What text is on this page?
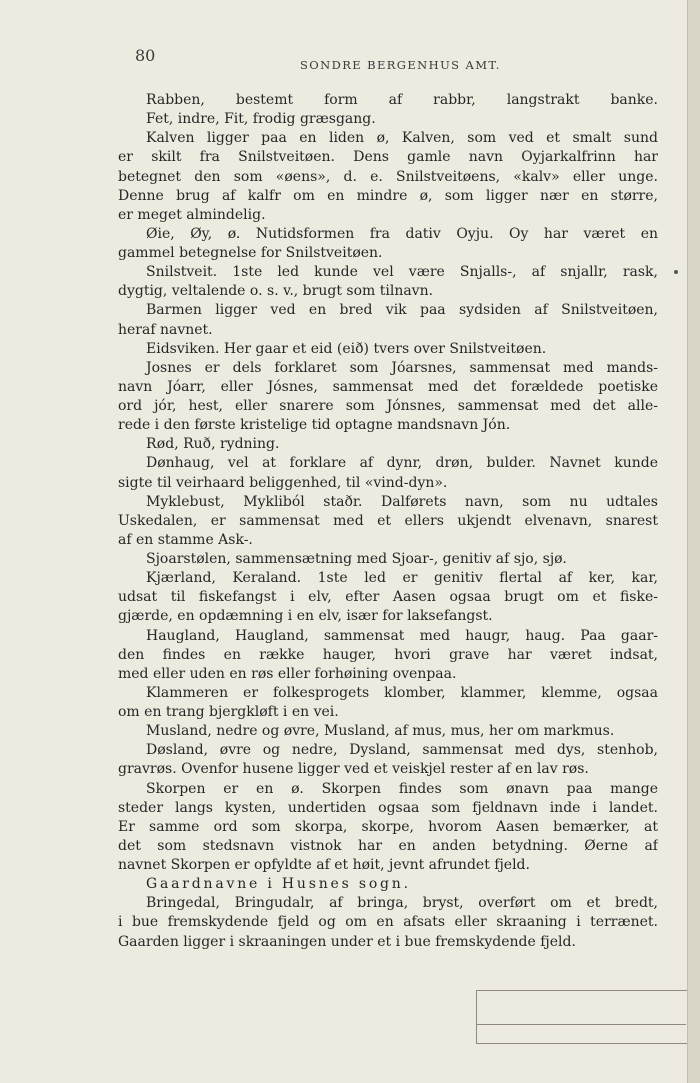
80	SONDRE BERGENHUS AMT.
Rabben, bestemt form af rabbr, langstrakt banke.
Fet, indre, Fit, frodig græsgang.
Kalven ligger paa en liden ø, Kalven, som ved et smalt sund
er skilt fra Snilstveitøen. Dens gamle navn Oyjarkalfrinn har
betegnet den som «øens», d. e. Snilstveitøens, «kalv» eller unge.
Denne brug af kalfr om en mindre ø, som ligger nær en større,
er meget almindelig.
Øie, Øy, ø. Nutidsformen fra dativ Oyju. Oy har været en
gammel betegnelse for Snilstveitøen.
Snilstveit. 1ste led kunde vel være Snjalls-, af snjallr, rask,
dygtig, veltalende o. s. v., brugt som tilnavn.
Barmen ligger ved en bred vik paa sydsiden af Snilstveitøen,
heraf navnet.
Eidsviken. Her gaar et eid (eið) tvers over Snilstveitøen.
Josnes er dels forklaret som Jóarsnes, sammensat med mands-
navn Jóarr, eller Jósnes, sammensat med det forældede poetiske
ord jór, hest, eller snarere som Jónsnes, sammensat med det alle-
rede i den første kristelige tid optagne mandsnavn Jón.
Rød, Ruð, rydning.
Dønhaug, vel at forklare af dynr, drøn, bulder. Navnet kunde
sigte til veirhaard beliggenhed, til «vind-dyn».
Myklebust, Mykliból staðr. Dalførets navn, som nu udtales
Uskedalen, er sammensat med et ellers ukjendt elvenavn, snarest
af en stamme Ask-.
Sjoarstølen, sammensætning med Sjoar-, genitiv af sjo, sjø.
Kjærland, Keraland. 1ste led er genitiv flertal af ker, kar,
udsat til fiskefangst i elv, efter Aasen ogsaa brugt om et fiske-
gjærde, en opdæmning i en elv, især for laksefangst.
Haugland, Haugland, sammensat med haugr, haug. Paa gaar-
den findes en række hauger, hvori grave har været indsat,
med eller uden en røs eller forhøining ovenpaa.
Klammeren er folkesprogets klomber, klammer, klemme, ogsaa
om en trang bjergkløft i en vei.
Musland, nedre og øvre, Musland, af mus, mus, her om markmus.
Døsland, øvre og nedre, Dysland, sammensat med dys, stenhob,
gravrøs. Ovenfor husene ligger ved et veiskjel rester af en lav røs.
Skorpen er en ø. Skorpen findes som ønavn paa mange
steder langs kysten, undertiden ogsaa som fjeldnavn inde i landet.
Er samme ord som skorpa, skorpe, hvorom Aasen bemærker, at
det som stedsnavn vistnok har en anden betydning. Øerne af
navnet Skorpen er opfyldte af et høit, jevnt afrundet fjeld.
Gaardnavne i Husnes sogn.
Bringedal, Bringudalr, af bringa, bryst, overført om et bredt,
i bue fremskydende fjeld og om en afsats eller skraaning i terrænet.
Gaarden ligger i skraaningen under et i bue fremskydende fjeld.
